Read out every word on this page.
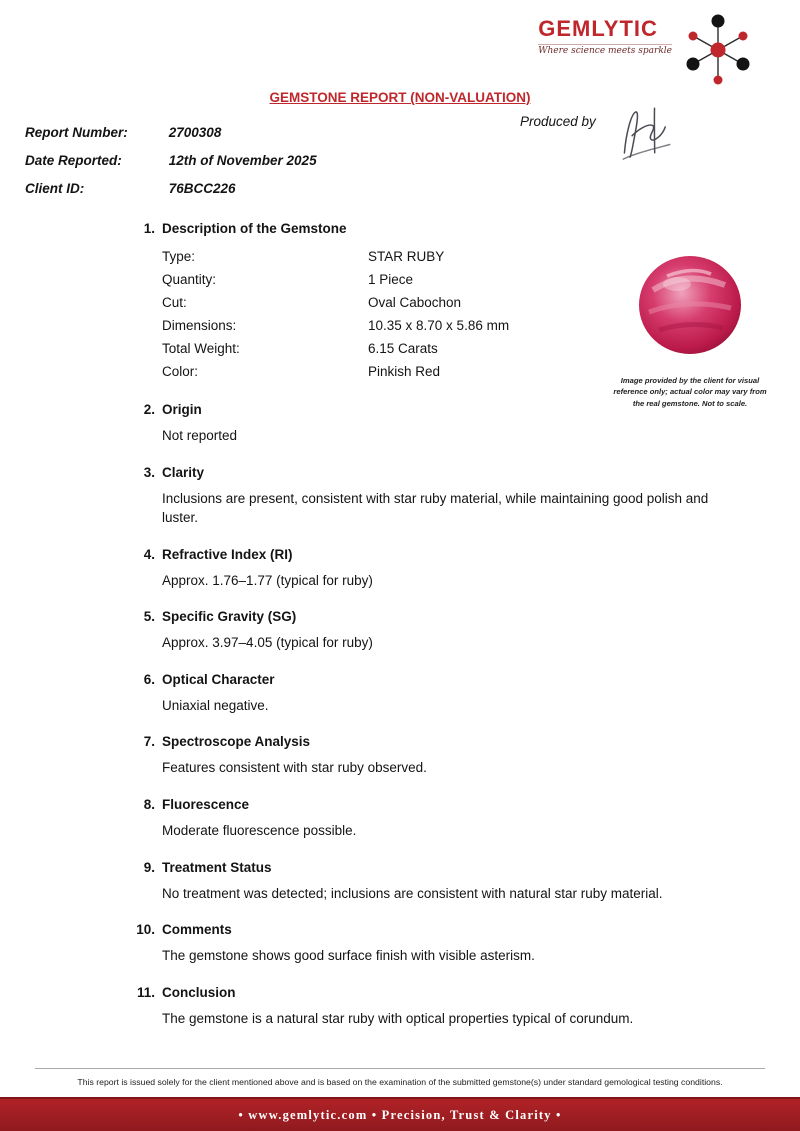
GEMLYTIC
Where science meets sparkle
GEMSTONE REPORT (NON-VALUATION)
Report Number:	2700308
Date Reported:	12th of November 2025
Client ID:	76BCC226
Produced by
1. Description of the Gemstone
Type:	STAR RUBY
Quantity:	1 Piece
Cut:	Oval Cabochon
Dimensions:	10.35 x 8.70 x 5.86 mm
Total Weight:	6.15 Carats
Color:	Pinkish Red
2. Origin
Not reported
3. Clarity
Inclusions are present, consistent with star ruby material, while maintaining good polish and luster.
4. Refractive Index (RI)
Approx. 1.76–1.77 (typical for ruby)
5. Specific Gravity (SG)
Approx. 3.97–4.05 (typical for ruby)
6. Optical Character
Uniaxial negative.
7. Spectroscope Analysis
Features consistent with star ruby observed.
8. Fluorescence
Moderate fluorescence possible.
9. Treatment Status
No treatment was detected; inclusions are consistent with natural star ruby material.
10. Comments
The gemstone shows good surface finish with visible asterism.
11. Conclusion
The gemstone is a natural star ruby with optical properties typical of corundum.
Image provided by the client for visual reference only; actual color may vary from the real gemstone. Not to scale.
This report is issued solely for the client mentioned above and is based on the examination of the submitted gemstone(s) under standard gemological testing conditions.
• www.gemlytic.com • Precision, Trust & Clarity •
